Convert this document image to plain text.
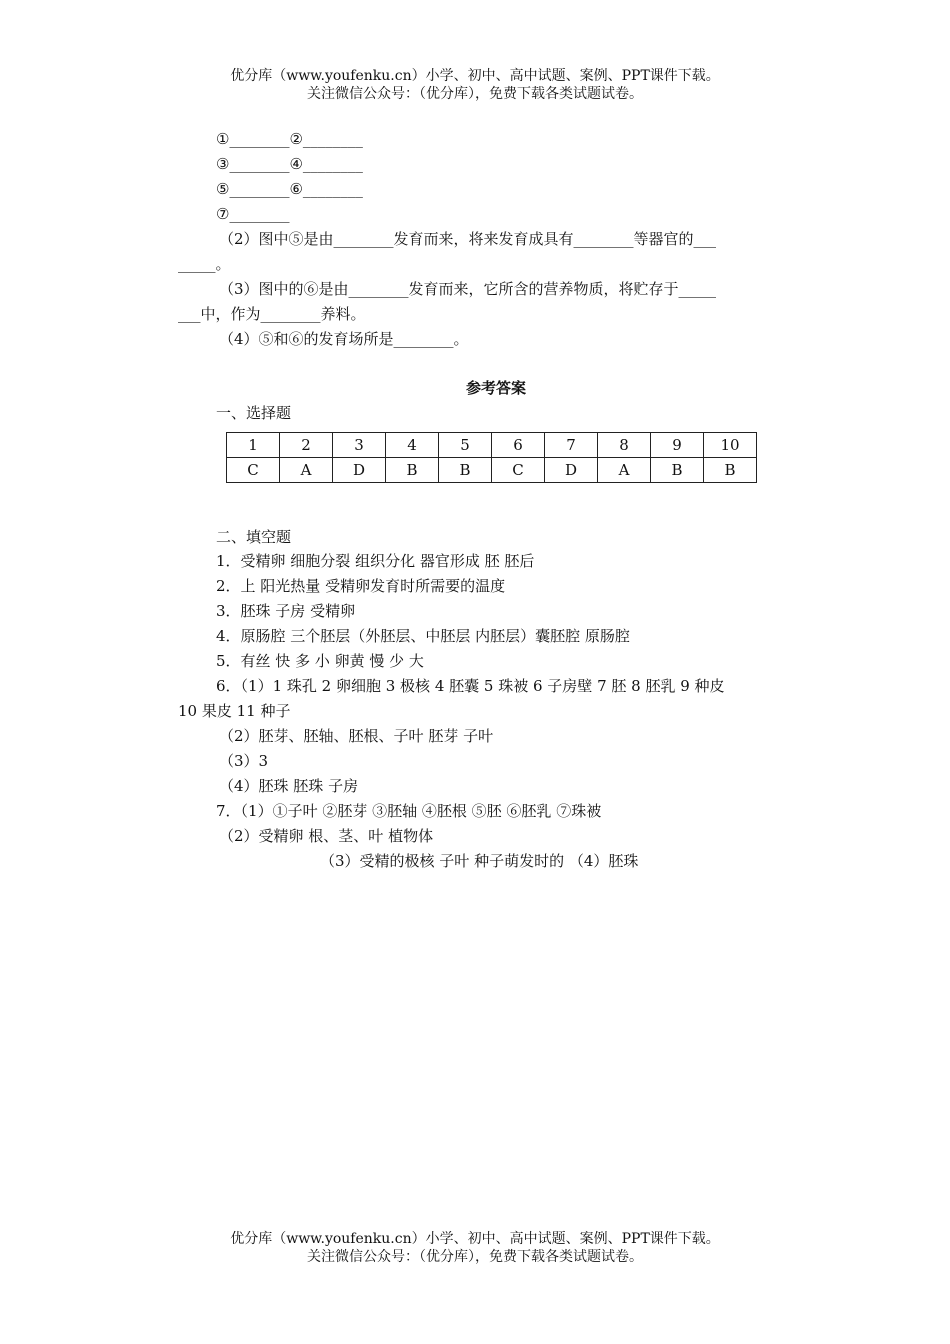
优分库（www.youfenku.cn）小学、初中、高中试题、案例、PPT课件下载。
关注微信公众号：（优分库），免费下载各类试题试卷。
①________②________
③________④________
⑤________⑥________
⑦________
（2）图中⑤是由________发育而来，将来发育成具有________等器官的___
_____。
（3）图中的⑥是由________发育而来，它所含的营养物质，将贮存于_____
___中，作为________养料。
（4）⑤和⑥的发育场所是________。
参考答案
一、选择题
1	2	3	4	5	6	7	8	9	10
C	A	D	B	B	C	D	A	B	B
二、填空题
1．受精卵 细胞分裂 组织分化 器官形成 胚 胚后
2．上 阳光热量 受精卵发育时所需要的温度
3．胚珠 子房 受精卵
4．原肠腔 三个胚层（外胚层、中胚层 内胚层）囊胚腔 原肠腔
5．有丝 快 多 小 卵黄 慢 少 大
6．（1）1 珠孔 2 卵细胞 3 极核 4 胚囊 5 珠被 6 子房壁 7 胚 8 胚乳 9 种皮
10 果皮 11 种子
（2）胚芽、胚轴、胚根、子叶 胚芽 子叶
（3）3
（4）胚珠 胚珠 子房
7．（1）①子叶 ②胚芽 ③胚轴 ④胚根 ⑤胚 ⑥胚乳 ⑦珠被
（2）受精卵 根、茎、叶 植物体
（3）受精的极核 子叶 种子萌发时的 （4）胚珠
优分库（www.youfenku.cn）小学、初中、高中试题、案例、PPT课件下载。
关注微信公众号：（优分库），免费下载各类试题试卷。
